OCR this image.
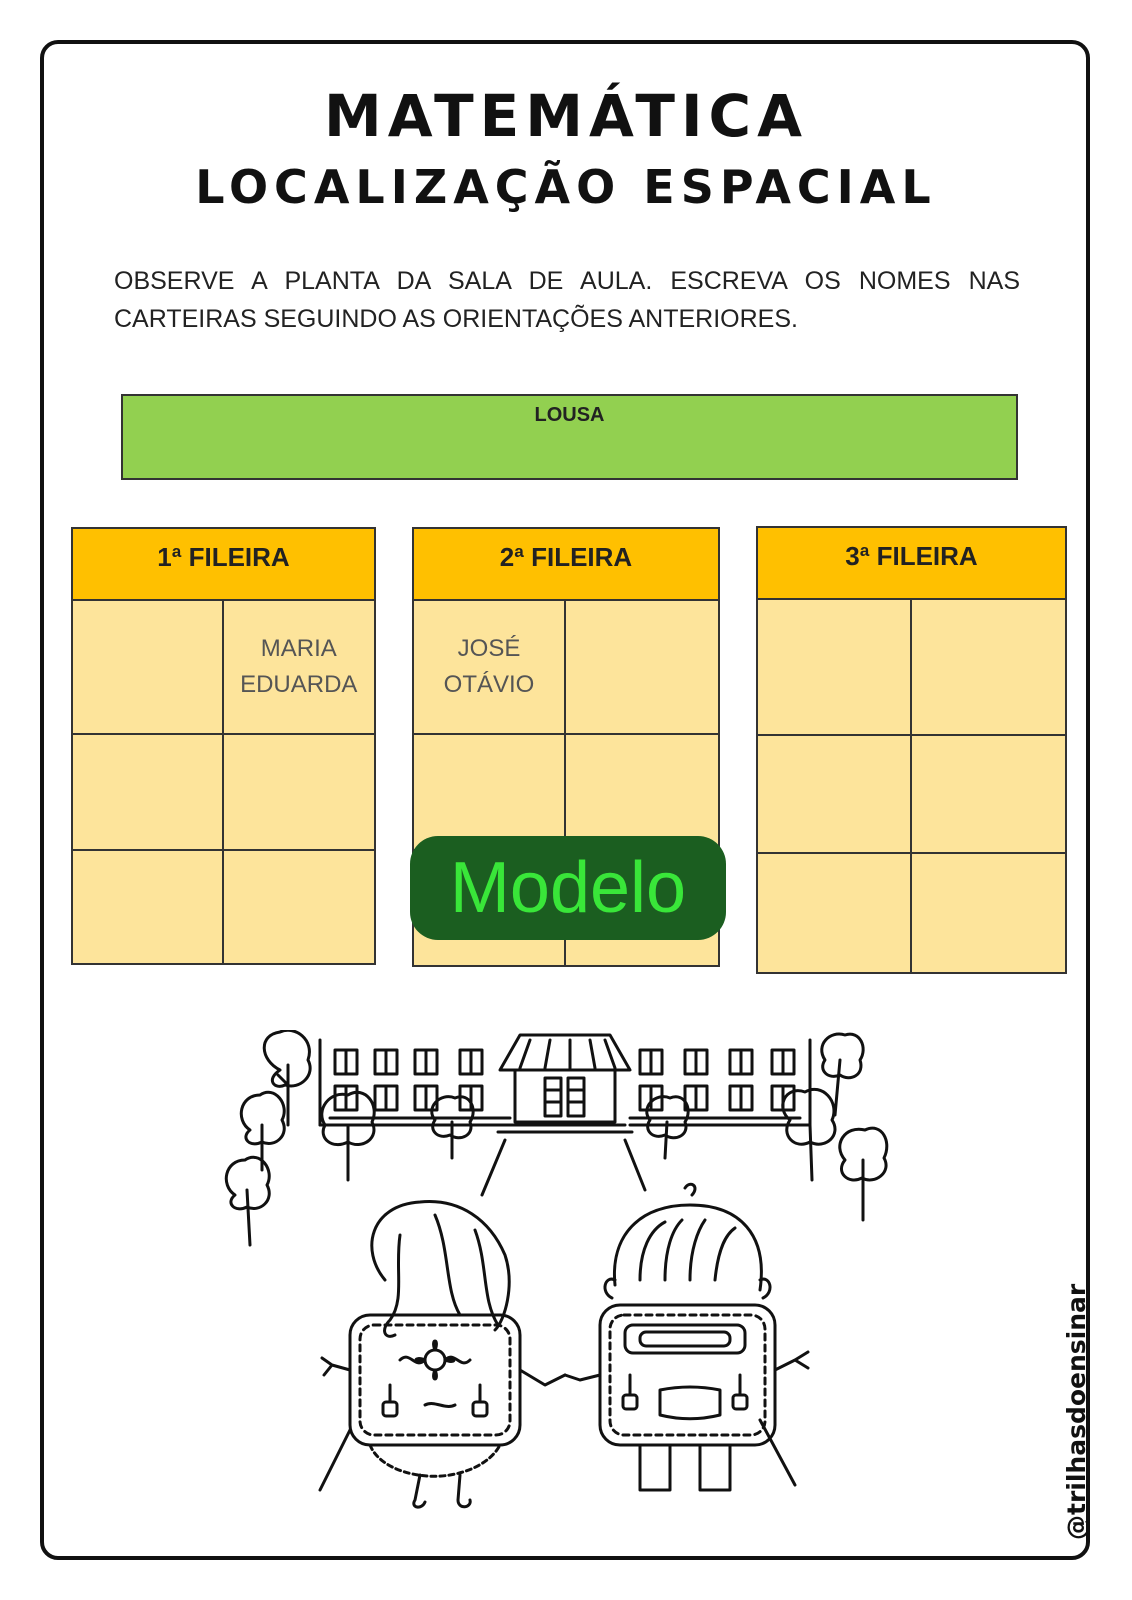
MATEMÁTICA
LOCALIZAÇÃO ESPACIAL

OBSERVE A PLANTA DA SALA DE AULA. ESCREVA OS NOMES NAS CARTEIRAS SEGUINDO AS ORIENTAÇÕES ANTERIORES.

LOUSA
1ª FILEIRA
MARIA
EDUARDA
2ª FILEIRA
JOSÉ
OTÁVIO
3ª FILEIRA
Modelo
@trilhasdoensinar
